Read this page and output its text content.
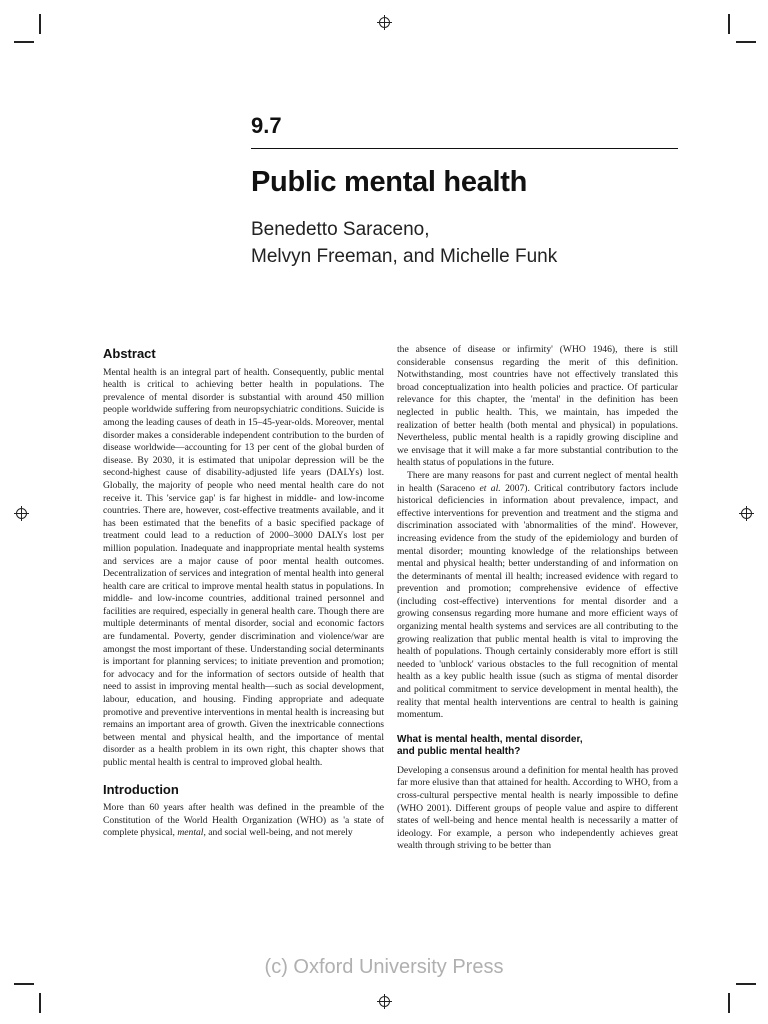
9.7
Public mental health
Benedetto Saraceno,
Melvyn Freeman, and Michelle Funk
Abstract

Mental health is an integral part of health. Consequently, public mental health is critical to achieving better health in populations. The prevalence of mental disorder is substantial with around 450 million people worldwide suffering from neuropsychiatric conditions. Suicide is among the leading causes of death in 15–45-year-olds. Moreover, mental disorder makes a considerable independent contribution to the burden of disease worldwide—accounting for 13 per cent of the global burden of disease. By 2030, it is estimated that unipolar depression will be the second-highest cause of disability-adjusted life years (DALYs) lost. Globally, the majority of people who need mental health care do not receive it. This 'service gap' is far highest in middle- and low-income countries. There are, however, cost-effective treatments available, and it has been estimated that the benefits of a basic specified package of treatment could lead to a reduction of 2000–3000 DALYs lost per million population. Inadequate and inappropriate mental health systems and services are a major cause of poor mental health outcomes. Decentralization of services and integration of mental health into general health care are critical to improve mental health status in populations. In middle- and low-income countries, additional trained personnel and facilities are required, especially in general health care. Though there are multiple determinants of mental disorder, social and economic factors are fundamental. Poverty, gender discrimination and violence/war are amongst the most important of these. Understanding social determinants is important for planning services; to initiate prevention and promotion; for advocacy and for the information of sectors outside of health that need to assist in improving mental health—such as social development, labour, education, and housing. Finding appropriate and adequate promotive and preventive interventions in mental health is increasing but remains an important area of growth. Given the inextricable connections between mental and physical health, and the importance of mental disorder as a health problem in its own right, this chapter shows that public mental health is central to improved global health.

Introduction

More than 60 years after health was defined in the preamble of the Constitution of the World Health Organization (WHO) as 'a state of complete physical, mental, and social well-being, and not merely

the absence of disease or infirmity' (WHO 1946), there is still considerable consensus regarding the merit of this definition. Notwithstanding, most countries have not effectively translated this broad conceptualization into health policies and practice. Of particular relevance for this chapter, the 'mental' in the definition has been neglected in public health. This, we maintain, has impeded the realization of better health (both mental and physical) in populations. Nevertheless, public mental health is a rapidly growing discipline and we envisage that it will make a far more substantial contribution to the health status of populations in the future.

There are many reasons for past and current neglect of mental health in health (Saraceno et al. 2007). Critical contributory factors include historical deficiencies in information about prevalence, impact, and effective interventions for prevention and treatment and the stigma and discrimination associated with 'abnormalities of the mind'. However, increasing evidence from the study of the epidemiology and burden of mental disorder; mounting knowledge of the relationships between mental and physical health; better understanding of and information on the determinants of mental ill health; increased evidence with regard to prevention and promotion; comprehensive evidence of effective (including cost-effective) interventions for mental disorder and a growing consensus regarding more humane and more efficient ways of organizing mental health systems and services are all contributing to the growing realization that public mental health is vital to improving the health of populations. Though certainly considerably more effort is still needed to 'unblock' various obstacles to the full recognition of mental health as a key public health issue (such as stigma of mental disorder and political commitment to service development in mental health), the reality that mental health interventions are central to health is gaining momentum.

What is mental health, mental disorder,
and public mental health?

Developing a consensus around a definition for mental health has proved far more elusive than that attained for health. According to WHO, from a cross-cultural perspective mental health is nearly impossible to define (WHO 2001). Different groups of people value and aspire to different states of well-being and hence mental health is necessarily a matter of ideology. For example, a person who independently achieves great wealth through striving to be better than

(c) Oxford University Press
